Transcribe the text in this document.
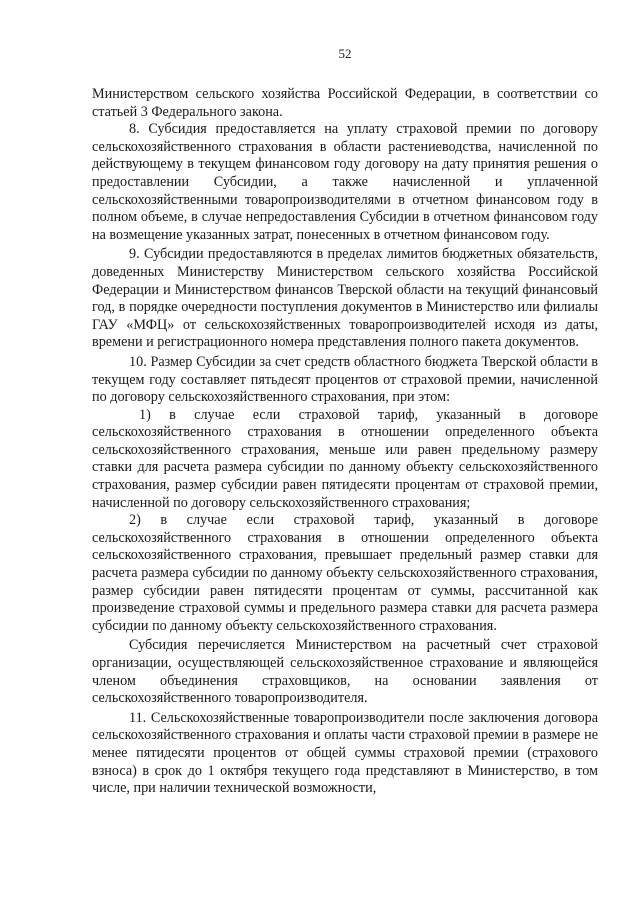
52

Министерством сельского хозяйства Российской Федерации, в соответствии со статьей 3 Федерального закона.

8. Субсидия предоставляется на уплату страховой премии по договору сельскохозяйственного страхования в области растениеводства, начисленной по действующему в текущем финансовом году договору на дату принятия решения о предоставлении Субсидии, а также начисленной и уплаченной сельскохозяйственными товаропроизводителями в отчетном финансовом году в полном объеме, в случае непредоставления Субсидии в отчетном финансовом году на возмещение указанных затрат, понесенных в отчетном финансовом году.

9. Субсидии предоставляются в пределах лимитов бюджетных обязательств, доведенных Министерству Министерством сельского хозяйства Российской Федерации и Министерством финансов Тверской области на текущий финансовый год, в порядке очередности поступления документов в Министерство или филиалы ГАУ «МФЦ» от сельскохозяйственных товаропроизводителей исходя из даты, времени и регистрационного номера представления полного пакета документов.

10. Размер Субсидии за счет средств областного бюджета Тверской области в текущем году составляет пятьдесят процентов от страховой премии, начисленной по договору сельскохозяйственного страхования, при этом:

1) в случае если страховой тариф, указанный в договоре сельскохозяйственного страхования в отношении определенного объекта сельскохозяйственного страхования, меньше или равен предельному размеру ставки для расчета размера субсидии по данному объекту сельскохозяйственного страхования, размер субсидии равен пятидесяти процентам от страховой премии, начисленной по договору сельскохозяйственного страхования;

2) в случае если страховой тариф, указанный в договоре сельскохозяйственного страхования в отношении определенного объекта сельскохозяйственного страхования, превышает предельный размер ставки для расчета размера субсидии по данному объекту сельскохозяйственного страхования, размер субсидии равен пятидесяти процентам от суммы, рассчитанной как произведение страховой суммы и предельного размера ставки для расчета размера субсидии по данному объекту сельскохозяйственного страхования.

Субсидия перечисляется Министерством на расчетный счет страховой организации, осуществляющей сельскохозяйственное страхование и являющейся членом объединения страховщиков, на основании заявления от сельскохозяйственного товаропроизводителя.

11. Сельскохозяйственные товаропроизводители после заключения договора сельскохозяйственного страхования и оплаты части страховой премии в размере не менее пятидесяти процентов от общей суммы страховой премии (страхового взноса) в срок до 1 октября текущего года представляют в Министерство, в том числе, при наличии технической возможности,
